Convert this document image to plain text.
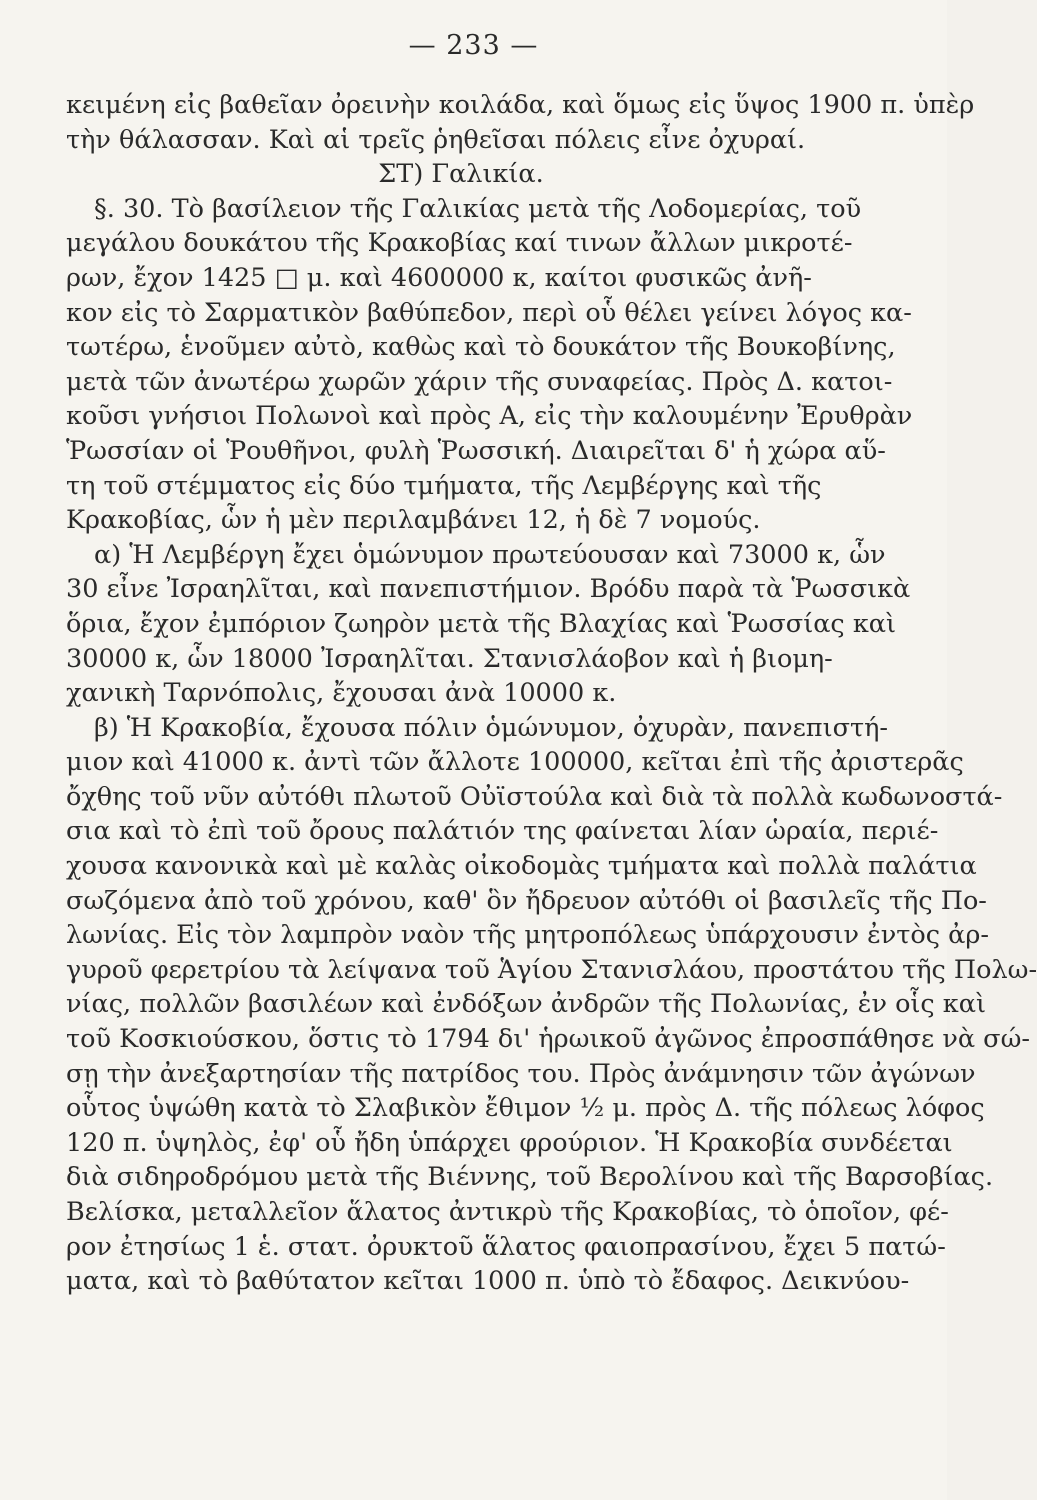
— 233 —
κειμένη εἰς βαθεῖαν ὀρεινὴν κοιλάδα, καὶ ὅμως εἰς ὕψος 1900 π. ὑπὲρ
τὴν θάλασσαν. Καὶ αἱ τρεῖς ῥηθεῖσαι πόλεις εἶνε ὀχυραί.
ΣΤ) Γαλικία.
§. 30. Τὸ βασίλειον τῆς Γαλικίας μετὰ τῆς Λοδομερίας, τοῦ
μεγάλου δουκάτου τῆς Κρακοβίας καί τινων ἄλλων μικροτέ-
ρων, ἔχον 1425 □ μ. καὶ 4600000 κ, καίτοι φυσικῶς ἀνῆ-
κον εἰς τὸ Σαρματικὸν βαθύπεδον, περὶ οὗ θέλει γείνει λόγος κα-
τωτέρω, ἑνοῦμεν αὐτὸ, καθὼς καὶ τὸ δουκάτον τῆς Βουκοβίνης,
μετὰ τῶν ἀνωτέρω χωρῶν χάριν τῆς συναφείας. Πρὸς Δ. κατοι-
κοῦσι γνήσιοι Πολωνοὶ καὶ πρὸς Α, εἰς τὴν καλουμένην Ἐρυθρὰν
Ῥωσσίαν οἱ Ῥουθῆνοι, φυλὴ Ῥωσσική. Διαιρεῖται δ' ἡ χώρα αὕ-
τη τοῦ στέμματος εἰς δύο τμήματα, τῆς Λεμβέργης καὶ τῆς
Κρακοβίας, ὧν ἡ μὲν περιλαμβάνει 12, ἡ δὲ 7 νομούς.
α) Ἡ Λεμβέργη ἔχει ὁμώνυμον πρωτεύουσαν καὶ 73000 κ, ὧν
30 εἶνε Ἰσραηλῖται, καὶ πανεπιστήμιον. Βρόδυ παρὰ τὰ Ῥωσσικὰ
ὅρια, ἔχον ἐμπόριον ζωηρὸν μετὰ τῆς Βλαχίας καὶ Ῥωσσίας καὶ
30000 κ, ὧν 18000 Ἰσραηλῖται. Στανισλάοβον καὶ ἡ βιομη-
χανικὴ Ταρνόπολις, ἔχουσαι ἀνὰ 10000 κ.
β) Ἡ Κρακοβία, ἔχουσα πόλιν ὁμώνυμον, ὀχυρὰν, πανεπιστή-
μιον καὶ 41000 κ. ἀντὶ τῶν ἄλλοτε 100000, κεῖται ἐπὶ τῆς ἀριστερᾶς
ὄχθης τοῦ νῦν αὐτόθι πλωτοῦ Οὐϊστούλα καὶ διὰ τὰ πολλὰ κωδωνοστά-
σια καὶ τὸ ἐπὶ τοῦ ὄρους παλάτιόν της φαίνεται λίαν ὡραία, περιέ-
χουσα κανονικὰ καὶ μὲ καλὰς οἰκοδομὰς τμήματα καὶ πολλὰ παλάτια
σωζόμενα ἀπὸ τοῦ χρόνου, καθ' ὃν ἤδρευον αὐτόθι οἱ βασιλεῖς τῆς Πο-
λωνίας. Εἰς τὸν λαμπρὸν ναὸν τῆς μητροπόλεως ὑπάρχουσιν ἐντὸς ἀρ-
γυροῦ φερετρίου τὰ λείψανα τοῦ Ἁγίου Στανισλάου, προστάτου τῆς Πολω-
νίας, πολλῶν βασιλέων καὶ ἐνδόξων ἀνδρῶν τῆς Πολωνίας, ἐν οἷς καὶ
τοῦ Κοσκιούσκου, ὅστις τὸ 1794 δι' ἡρωικοῦ ἀγῶνος ἐπροσπάθησε νὰ σώ-
σῃ τὴν ἀνεξαρτησίαν τῆς πατρίδος του. Πρὸς ἀνάμνησιν τῶν ἀγώνων
οὗτος ὑψώθη κατὰ τὸ Σλαβικὸν ἔθιμον ½ μ. πρὸς Δ. τῆς πόλεως λόφος
120 π. ὑψηλὸς, ἐφ' οὗ ἤδη ὑπάρχει φρούριον. Ἡ Κρακοβία συνδέεται
διὰ σιδηροδρόμου μετὰ τῆς Βιέννης, τοῦ Βερολίνου καὶ τῆς Βαρσοβίας.
Βελίσκα, μεταλλεῖον ἅλατος ἀντικρὺ τῆς Κρακοβίας, τὸ ὁποῖον, φέ-
ρον ἐτησίως 1 ἑ. στατ. ὀρυκτοῦ ἅλατος φαιοπρασίνου, ἔχει 5 πατώ-
ματα, καὶ τὸ βαθύτατον κεῖται 1000 π. ὑπὸ τὸ ἔδαφος. Δεικνύου-
